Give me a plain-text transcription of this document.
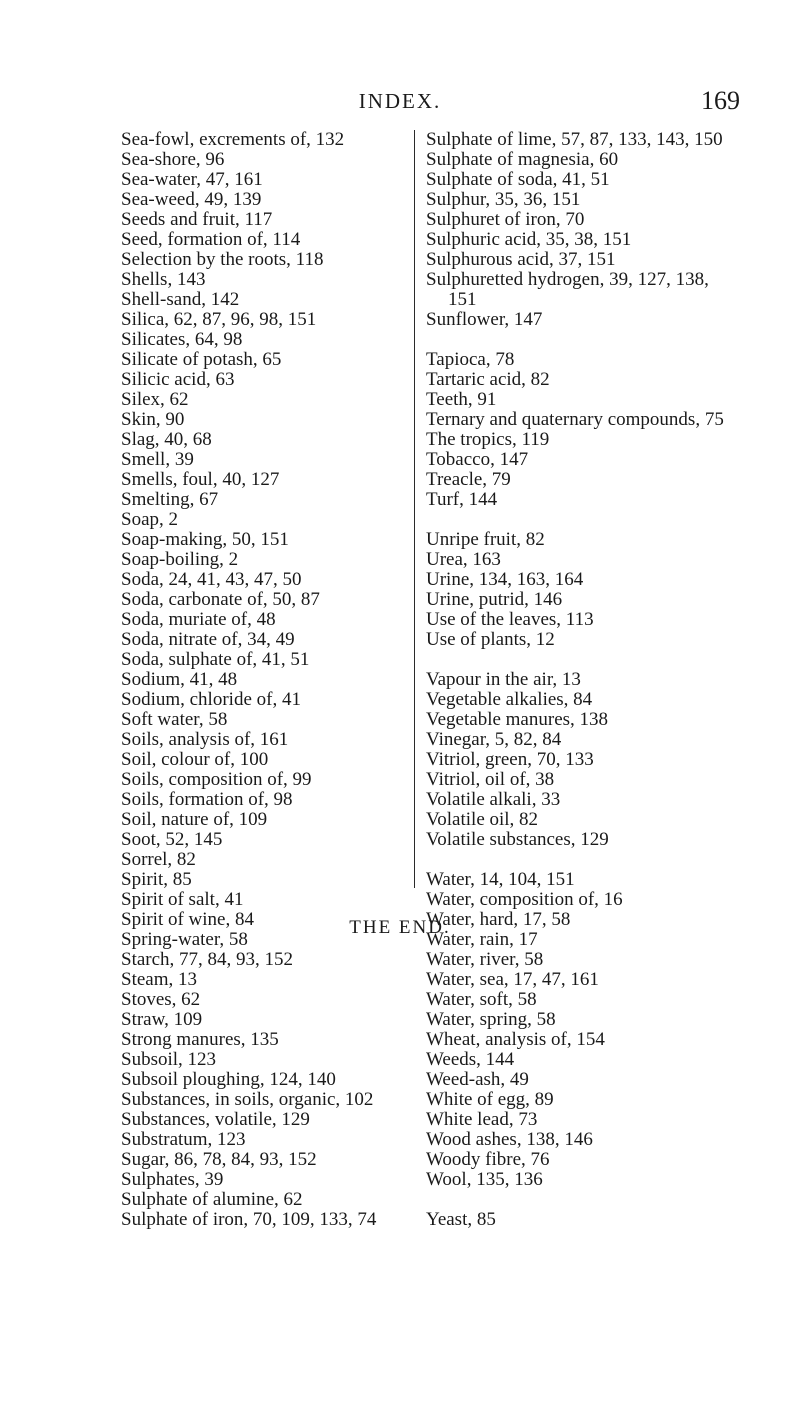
INDEX.	169
Sea-fowl, excrements of, 132
Sea-shore, 96
Sea-water, 47, 161
Sea-weed, 49, 139
Seeds and fruit, 117
Seed, formation of, 114
Selection by the roots, 118
Shells, 143
Shell-sand, 142
Silica, 62, 87, 96, 98, 151
Silicates, 64, 98
Silicate of potash, 65
Silicic acid, 63
Silex, 62
Skin, 90
Slag, 40, 68
Smell, 39
Smells, foul, 40, 127
Smelting, 67
Soap, 2
Soap-making, 50, 151
Soap-boiling, 2
Soda, 24, 41, 43, 47, 50
Soda, carbonate of, 50, 87
Soda, muriate of, 48
Soda, nitrate of, 34, 49
Soda, sulphate of, 41, 51
Sodium, 41, 48
Sodium, chloride of, 41
Soft water, 58
Soils, analysis of, 161
Soil, colour of, 100
Soils, composition of, 99
Soils, formation of, 98
Soil, nature of, 109
Soot, 52, 145
Sorrel, 82
Spirit, 85
Spirit of salt, 41
Spirit of wine, 84
Spring-water, 58
Starch, 77, 84, 93, 152
Steam, 13
Stoves, 62
Straw, 109
Strong manures, 135
Subsoil, 123
Subsoil ploughing, 124, 140
Substances, in soils, organic, 102
Substances, volatile, 129
Substratum, 123
Sugar, 86, 78, 84, 93, 152
Sulphates, 39
Sulphate of alumine, 62
Sulphate of iron, 70, 109, 133, 74
Sulphate of lime, 57, 87, 133, 143, 150
Sulphate of magnesia, 60
Sulphate of soda, 41, 51
Sulphur, 35, 36, 151
Sulphuret of iron, 70
Sulphuric acid, 35, 38, 151
Sulphurous acid, 37, 151
Sulphuretted hydrogen, 39, 127, 138, 151
Sunflower, 147
Tapioca, 78
Tartaric acid, 82
Teeth, 91
Ternary and quaternary compounds, 75
The tropics, 119
Tobacco, 147
Treacle, 79
Turf, 144
Unripe fruit, 82
Urea, 163
Urine, 134, 163, 164
Urine, putrid, 146
Use of the leaves, 113
Use of plants, 12
Vapour in the air, 13
Vegetable alkalies, 84
Vegetable manures, 138
Vinegar, 5, 82, 84
Vitriol, green, 70, 133
Vitriol, oil of, 38
Volatile alkali, 33
Volatile oil, 82
Volatile substances, 129
Water, 14, 104, 151
Water, composition of, 16
Water, hard, 17, 58
Water, rain, 17
Water, river, 58
Water, sea, 17, 47, 161
Water, soft, 58
Water, spring, 58
Wheat, analysis of, 154
Weeds, 144
Weed-ash, 49
White of egg, 89
White lead, 73
Wood ashes, 138, 146
Woody fibre, 76
Wool, 135, 136
Yeast, 85
THE END.
